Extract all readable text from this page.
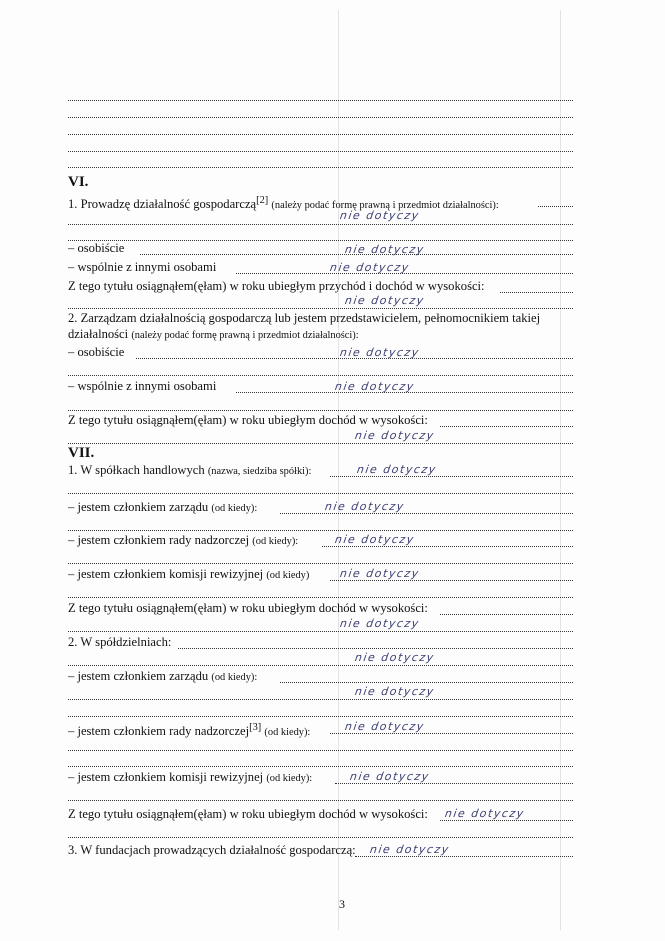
VI.
1. Prowadzę działalność gospodarczą[2] (należy podać formę prawną i przedmiot działalności):
nie dotyczy
– osobiście	nie dotyczy
– wspólnie z innymi osobami	nie dotyczy
Z tego tytułu osiągnąłem(ęłam) w roku ubiegłym przychód i dochód w wysokości:
nie dotyczy
2. Zarządzam działalnością gospodarczą lub jestem przedstawicielem, pełnomocnikiem takiej
działalności (należy podać formę prawną i przedmiot działalności):
– osobiście	nie dotyczy
– wspólnie z innymi osobami	nie dotyczy
Z tego tytułu osiągnąłem(ęłam) w roku ubiegłym dochód w wysokości:
nie dotyczy
VII.
1. W spółkach handlowych (nazwa, siedziba spółki):	nie dotyczy
– jestem członkiem zarządu (od kiedy):	nie dotyczy
– jestem członkiem rady nadzorczej (od kiedy):	nie dotyczy
– jestem członkiem komisji rewizyjnej (od kiedy)	nie dotyczy
Z tego tytułu osiągnąłem(ęłam) w roku ubiegłym dochód w wysokości:
nie dotyczy
2. W spółdzielniach:
nie dotyczy
– jestem członkiem zarządu (od kiedy):
nie dotyczy
– jestem członkiem rady nadzorczej[3] (od kiedy):	nie dotyczy
– jestem członkiem komisji rewizyjnej (od kiedy):	nie dotyczy
Z tego tytułu osiągnąłem(ęłam) w roku ubiegłym dochód w wysokości: nie dotyczy
3. W fundacjach prowadzących działalność gospodarczą: nie dotyczy
3
